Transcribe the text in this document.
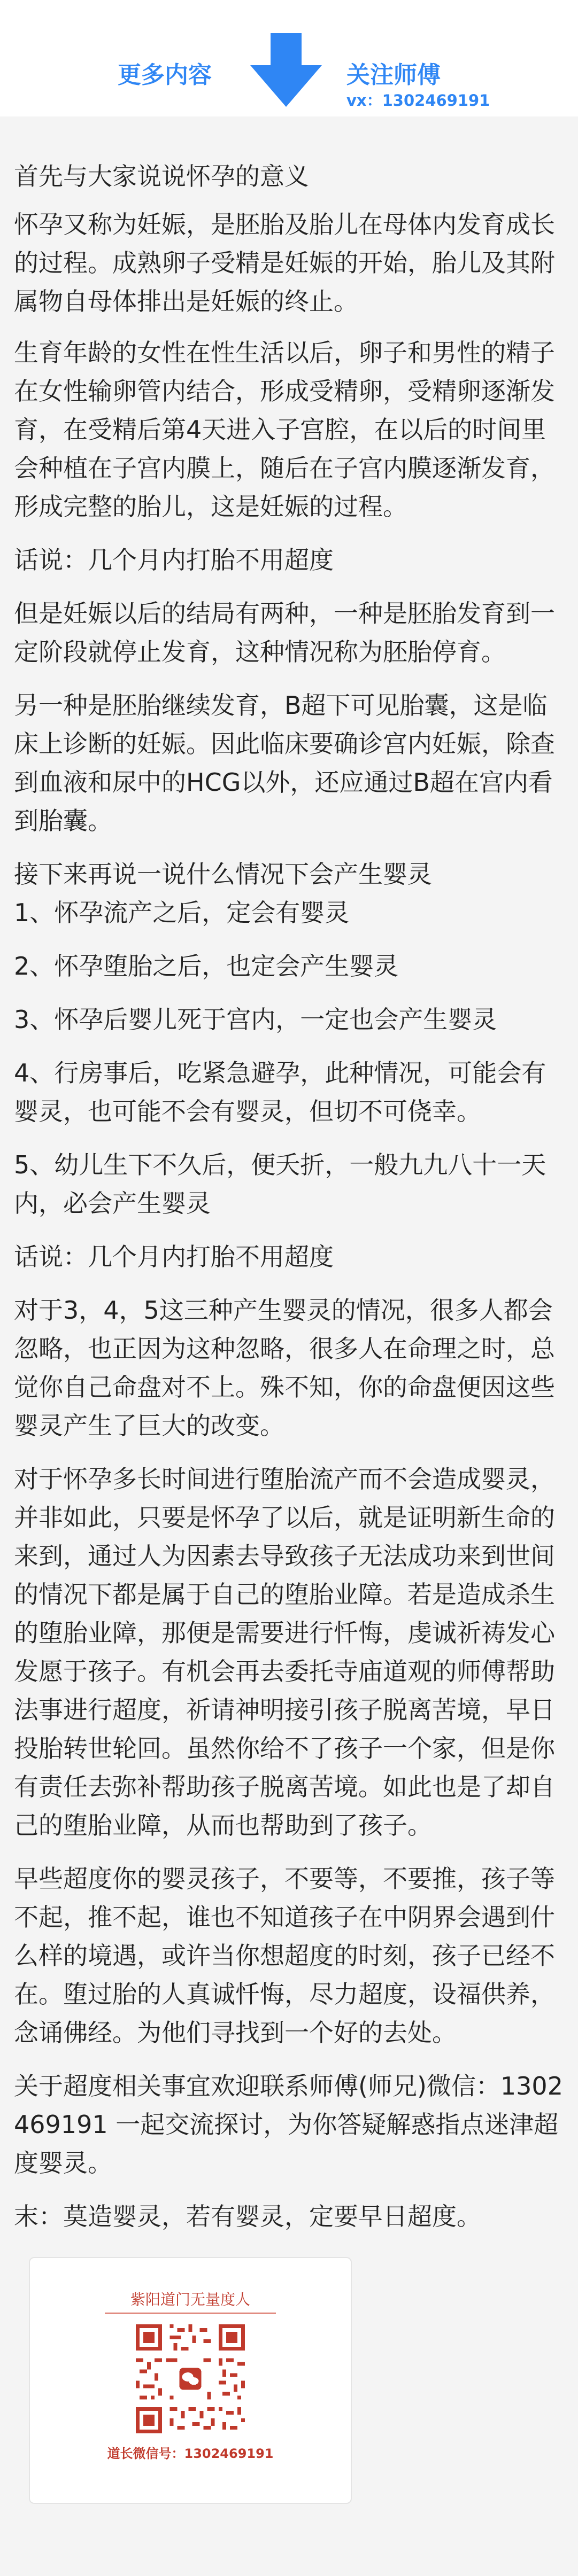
更多内容	关注师傅
vx：1302469191

首先与大家说说怀孕的意义

怀孕又称为妊娠，是胚胎及胎儿在母体内发育成长的过程。成熟卵子受精是妊娠的开始，胎儿及其附属物自母体排出是妊娠的终止。

生育年龄的女性在性生活以后，卵子和男性的精子在女性输卵管内结合，形成受精卵，受精卵逐渐发育，在受精后第4天进入子宫腔，在以后的时间里会种植在子宫内膜上，随后在子宫内膜逐渐发育，形成完整的胎儿，这是妊娠的过程。

话说：几个月内打胎不用超度

但是妊娠以后的结局有两种，一种是胚胎发育到一定阶段就停止发育，这种情况称为胚胎停育。

另一种是胚胎继续发育，B超下可见胎囊，这是临床上诊断的妊娠。因此临床要确诊宫内妊娠，除查到血液和尿中的HCG以外，还应通过B超在宫内看到胎囊。

接下来再说一说什么情况下会产生婴灵

1、怀孕流产之后，定会有婴灵

2、怀孕堕胎之后，也定会产生婴灵

3、怀孕后婴儿死于宫内，一定也会产生婴灵

4、行房事后，吃紧急避孕，此种情况，可能会有婴灵，也可能不会有婴灵，但切不可侥幸。

5、幼儿生下不久后，便夭折，一般九九八十一天内，必会产生婴灵

话说：几个月内打胎不用超度

对于3，4，5这三种产生婴灵的情况，很多人都会忽略，也正因为这种忽略，很多人在命理之时，总觉你自己命盘对不上。殊不知，你的命盘便因这些婴灵产生了巨大的改变。

对于怀孕多长时间进行堕胎流产而不会造成婴灵，并非如此，只要是怀孕了以后，就是证明新生命的来到，通过人为因素去导致孩子无法成功来到世间的情况下都是属于自己的堕胎业障。若是造成杀生的堕胎业障，那便是需要进行忏悔，虔诚祈祷发心发愿于孩子。有机会再去委托寺庙道观的师傅帮助法事进行超度，祈请神明接引孩子脱离苦境，早日投胎转世轮回。虽然你给不了孩子一个家，但是你有责任去弥补帮助孩子脱离苦境。如此也是了却自己的堕胎业障，从而也帮助到了孩子。

早些超度你的婴灵孩子，不要等，不要推，孩子等不起，推不起，谁也不知道孩子在中阴界会遇到什么样的境遇，或许当你想超度的时刻，孩子已经不在。堕过胎的人真诚忏悔，尽力超度，设福供养，念诵佛经。为他们寻找到一个好的去处。

关于超度相关事宜欢迎联系师傅(师兄)微信：1302469191 一起交流探讨，为你答疑解惑指点迷津超度婴灵。

末：莫造婴灵，若有婴灵，定要早日超度。

紫阳道门无量度人
道长微信号：1302469191
